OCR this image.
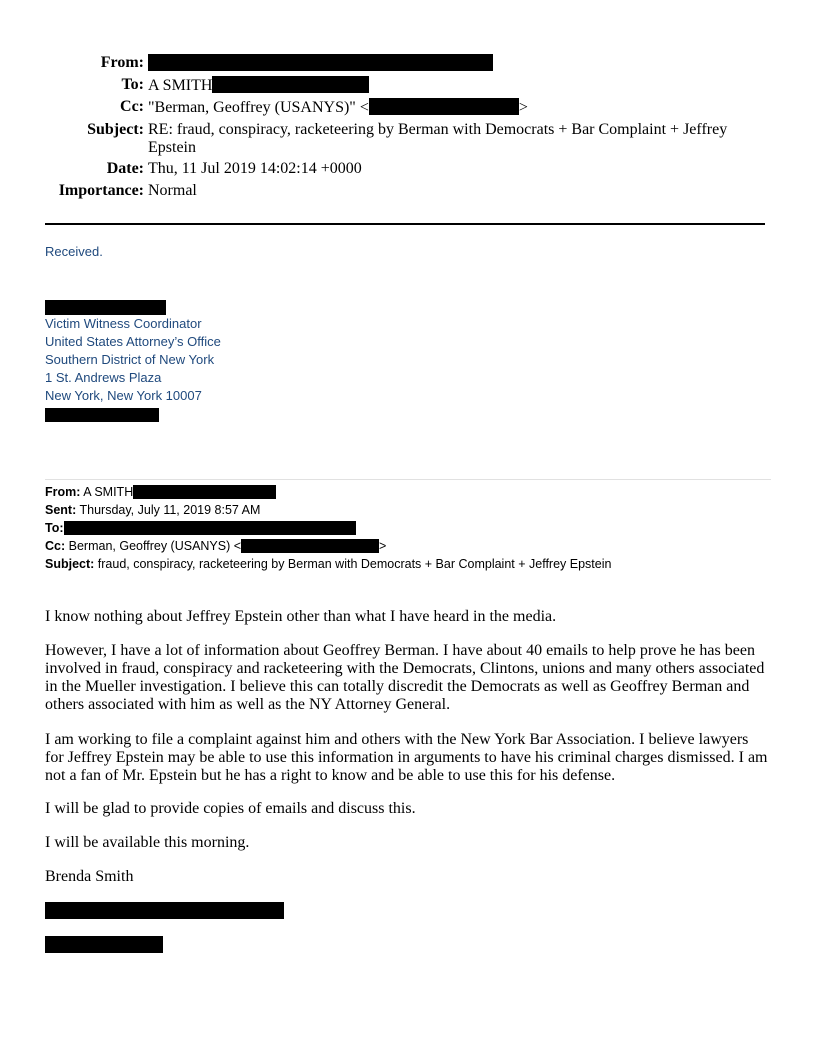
From:
To: A SMITH
Cc: "Berman, Geoffrey (USANYS)" <	>
Subject: RE: fraud, conspiracy, racketeering by Berman with Democrats + Bar Complaint + Jeffrey Epstein
Date: Thu, 11 Jul 2019 14:02:14 +0000
Importance: Normal
Received.
Victim Witness Coordinator
United States Attorney’s Office
Southern District of New York
1 St. Andrews Plaza
New York, New York 10007
From: A SMITH
Sent: Thursday, July 11, 2019 8:57 AM
To:
Cc: Berman, Geoffrey (USANYS) <	>
Subject: fraud, conspiracy, racketeering by Berman with Democrats + Bar Complaint + Jeffrey Epstein
I know nothing about Jeffrey Epstein other than what I have heard in the media.
However, I have a lot of information about Geoffrey Berman. I have about 40 emails to help prove he has been involved in fraud, conspiracy and racketeering with the Democrats, Clintons, unions and many others associated in the Mueller investigation. I believe this can totally discredit the Democrats as well as Geoffrey Berman and others associated with him as well as the NY Attorney General.
I am working to file a complaint against him and others with the New York Bar Association. I believe lawyers for Jeffrey Epstein may be able to use this information in arguments to have his criminal charges dismissed. I am not a fan of Mr. Epstein but he has a right to know and be able to use this for his defense.
I will be glad to provide copies of emails and discuss this.
I will be available this morning.
Brenda Smith
